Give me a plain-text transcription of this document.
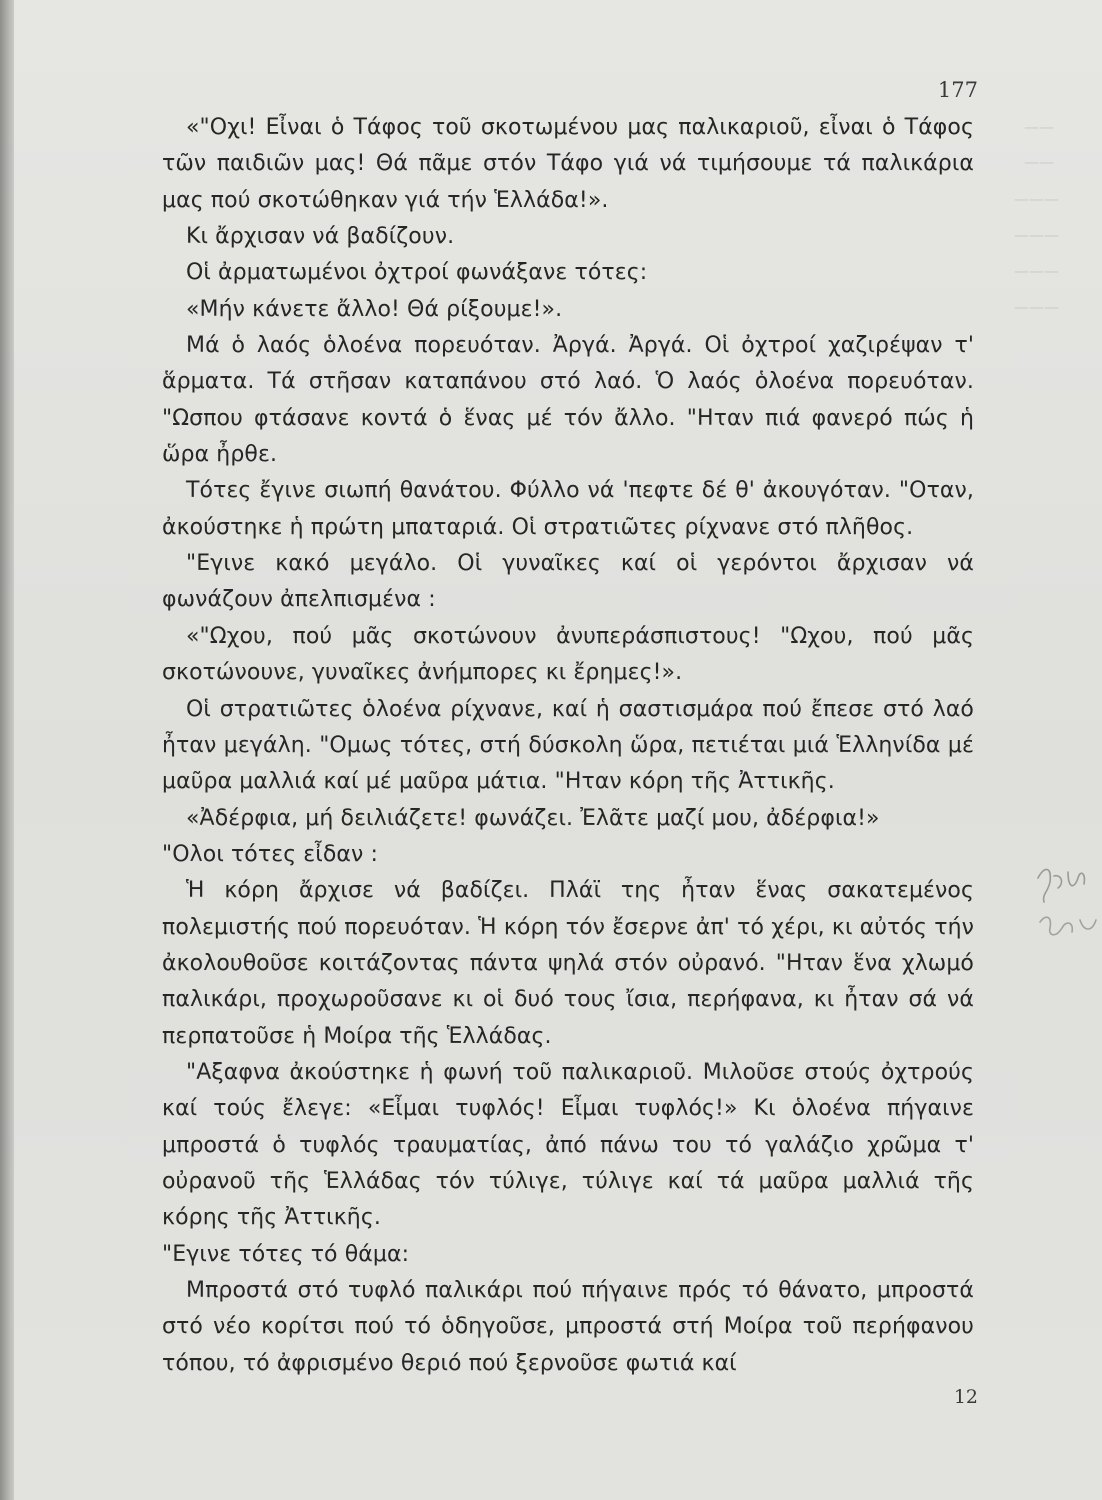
——
——
———
———
———
———
177

«"Οχι! Εἶναι ὁ Τάφος τοῦ σκοτωμένου μας παλικαριοῦ, εἶναι ὁ Τάφος τῶν παιδιῶν μας! Θά πᾶμε στόν Τάφο γιά νά τιμήσουμε τά παλικάρια μας πού σκοτώθηκαν γιά τήν Ἑλλάδα!».

Κι ἄρχισαν νά βαδίζουν.

Οἱ ἀρματωμένοι ὀχτροί φωνάξανε τότες:

«Μήν κάνετε ἄλλο! Θά ρίξουμε!».

Μά ὁ λαός ὁλοένα πορευόταν. Ἀργά. Ἀργά. Οἱ ὀχτροί χαζιρέψαν τ' ἅρματα. Τά στῆσαν καταπάνου στό λαό. Ὁ λαός ὁλοένα πορευόταν. "Ωσπου φτάσανε κοντά ὁ ἕνας μέ τόν ἄλλο. "Ηταν πιά φανερό πώς ἡ ὥρα ἦρθε.

Τότες ἔγινε σιωπή θανάτου. Φύλλο νά 'πεφτε δέ θ' ἀκουγόταν. "Οταν, ἀκούστηκε ἡ πρώτη μπαταριά. Οἱ στρατιῶτες ρίχνανε στό πλῆθος.

"Εγινε κακό μεγάλο. Οἱ γυναῖκες καί οἱ γερόντοι ἄρχισαν νά φωνάζουν ἀπελπισμένα :

«"Ωχου, πού μᾶς σκοτώνουν ἀνυπεράσπιστους! "Ωχου, πού μᾶς σκοτώνουνε, γυναῖκες ἀνήμπορες κι ἔρημες!».

Οἱ στρατιῶτες ὁλοένα ρίχνανε, καί ἡ σαστισμάρα πού ἔπεσε στό λαό ἦταν μεγάλη. "Ομως τότες, στή δύσκολη ὥρα, πετιέται μιά Ἑλληνίδα μέ μαῦρα μαλλιά καί μέ μαῦρα μάτια. "Ηταν κόρη τῆς Ἀττικῆς.

«Ἀδέρφια, μή δειλιάζετε! φωνάζει. Ἐλᾶτε μαζί μου, ἀδέρφια!»

"Ολοι τότες εἶδαν :

Ἡ κόρη ἄρχισε νά βαδίζει. Πλάϊ της ἦταν ἕνας σακατεμένος πολεμιστής πού πορευόταν. Ἡ κόρη τόν ἔσερνε ἀπ' τό χέρι, κι αὐτός τήν ἀκολουθοῦσε κοιτάζοντας πάντα ψηλά στόν οὐρανό. "Ηταν ἕνα χλωμό παλικάρι, προχωροῦσανε κι οἱ δυό τους ἴσια, περήφανα, κι ἦταν σά νά περπατοῦσε ἡ Μοίρα τῆς Ἑλλάδας.

"Αξαφνα ἀκούστηκε ἡ φωνή τοῦ παλικαριοῦ. Μιλοῦσε στούς ὀχτρούς καί τούς ἔλεγε: «Εἶμαι τυφλός! Εἶμαι τυφλός!» Κι ὁλοένα πήγαινε μπροστά ὁ τυφλός τραυματίας, ἀπό πάνω του τό γαλάζιο χρῶμα τ' οὐρανοῦ τῆς Ἑλλάδας τόν τύλιγε, τύλιγε καί τά μαῦρα μαλλιά τῆς κόρης τῆς Ἀττικῆς.

"Εγινε τότες τό θάμα:

Μπροστά στό τυφλό παλικάρι πού πήγαινε πρός τό θάνατο, μπροστά στό νέο κορίτσι πού τό ὁδηγοῦσε, μπροστά στή Μοίρα τοῦ περήφανου τόπου, τό ἀφρισμένο θεριό πού ξερνοῦσε φωτιά καί

12
